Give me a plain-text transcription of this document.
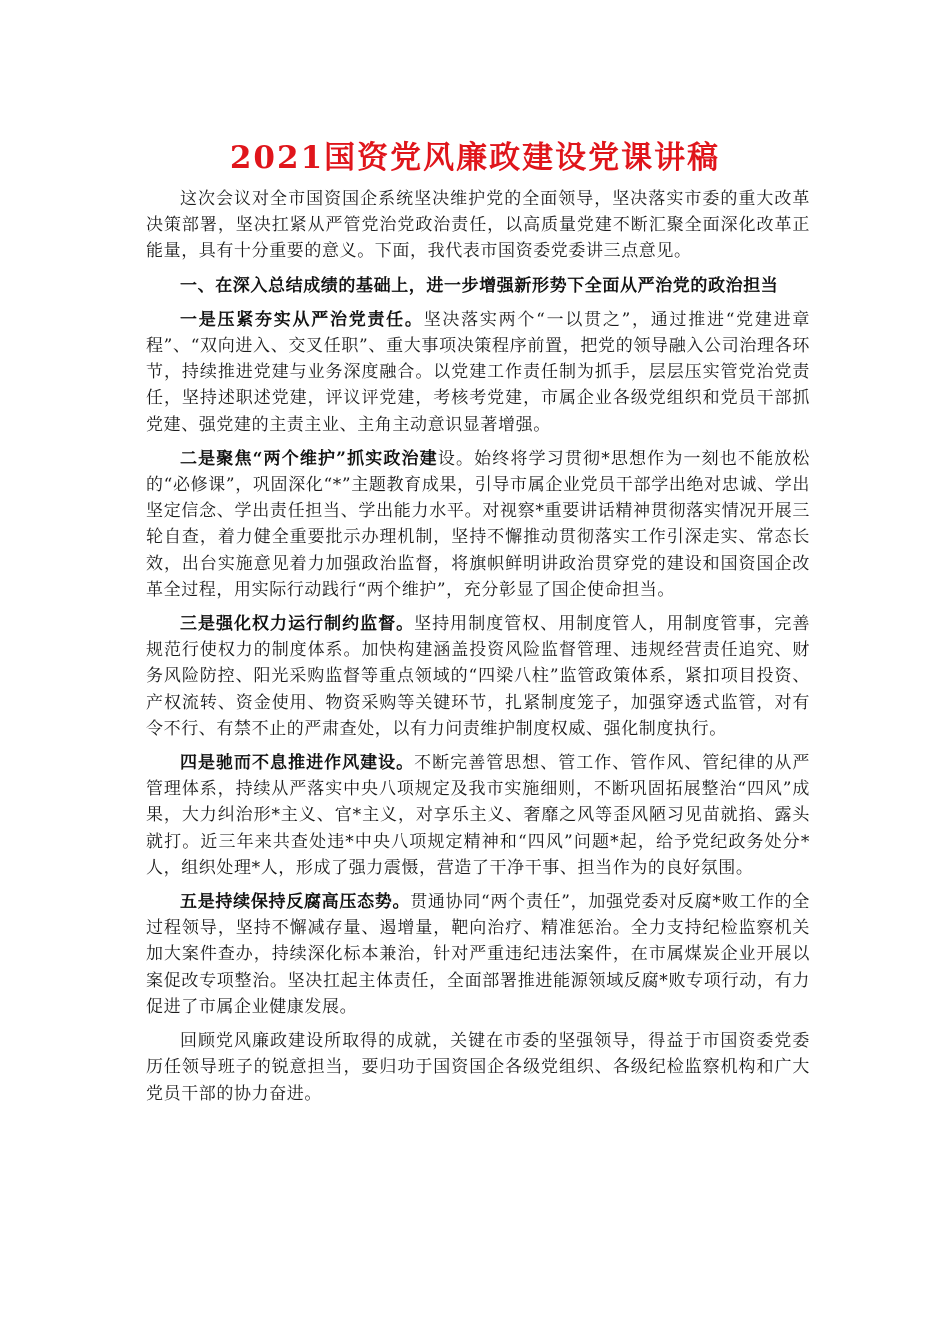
2021国资党风廉政建设党课讲稿

这次会议对全市国资国企系统坚决维护党的全面领导，坚决落实市委的重大改革决策部署，坚决扛紧从严管党治党政治责任，以高质量党建不断汇聚全面深化改革正能量，具有十分重要的意义。下面，我代表市国资委党委讲三点意见。

一、在深入总结成绩的基础上，进一步增强新形势下全面从严治党的政治担当

一是压紧夯实从严治党责任。坚决落实两个“一以贯之”，通过推进“党建进章程”、“双向进入、交叉任职”、重大事项决策程序前置，把党的领导融入公司治理各环节，持续推进党建与业务深度融合。以党建工作责任制为抓手，层层压实管党治党责任，坚持述职述党建，评议评党建，考核考党建，市属企业各级党组织和党员干部抓党建、强党建的主责主业、主角主动意识显著增强。

二是聚焦“两个维护”抓实政治建设。始终将学习贯彻*思想作为一刻也不能放松的“必修课”，巩固深化“*”主题教育成果，引导市属企业党员干部学出绝对忠诚、学出坚定信念、学出责任担当、学出能力水平。对视察*重要讲话精神贯彻落实情况开展三轮自查，着力健全重要批示办理机制，坚持不懈推动贯彻落实工作引深走实、常态长效，出台实施意见着力加强政治监督，将旗帜鲜明讲政治贯穿党的建设和国资国企改革全过程，用实际行动践行“两个维护”，充分彰显了国企使命担当。

三是强化权力运行制约监督。坚持用制度管权、用制度管人，用制度管事，完善规范行使权力的制度体系。加快构建涵盖投资风险监督管理、违规经营责任追究、财务风险防控、阳光采购监督等重点领域的“四梁八柱”监管政策体系，紧扣项目投资、产权流转、资金使用、物资采购等关键环节，扎紧制度笼子，加强穿透式监管，对有令不行、有禁不止的严肃查处，以有力问责维护制度权威、强化制度执行。

四是驰而不息推进作风建设。不断完善管思想、管工作、管作风、管纪律的从严管理体系，持续从严落实中央八项规定及我市实施细则，不断巩固拓展整治“四风”成果，大力纠治形*主义、官*主义，对享乐主义、奢靡之风等歪风陋习见苗就掐、露头就打。近三年来共查处违*中央八项规定精神和“四风”问题*起，给予党纪政务处分*人，组织处理*人，形成了强力震慑，营造了干净干事、担当作为的良好氛围。

五是持续保持反腐高压态势。贯通协同“两个责任”，加强党委对反腐*败工作的全过程领导，坚持不懈减存量、遏增量，靶向治疗、精准惩治。全力支持纪检监察机关加大案件查办，持续深化标本兼治，针对严重违纪违法案件，在市属煤炭企业开展以案促改专项整治。坚决扛起主体责任，全面部署推进能源领域反腐*败专项行动，有力促进了市属企业健康发展。

回顾党风廉政建设所取得的成就，关键在市委的坚强领导，得益于市国资委党委历任领导班子的锐意担当，要归功于国资国企各级党组织、各级纪检监察机构和广大党员干部的协力奋进。
